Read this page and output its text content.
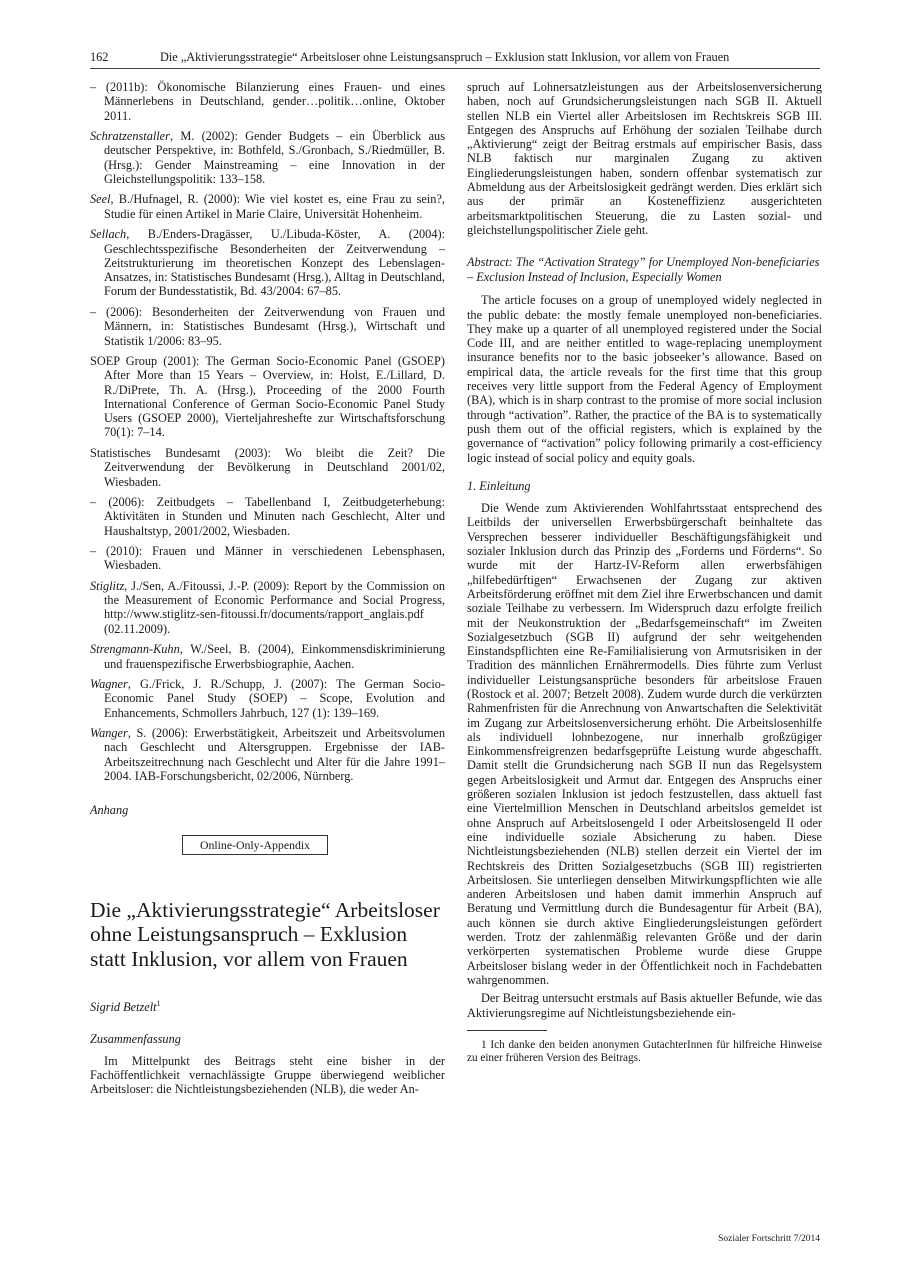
162	Die „Aktivierungsstrategie“ Arbeitsloser ohne Leistungsanspruch – Exklusion statt Inklusion, vor allem von Frauen
– (2011b): Ökonomische Bilanzierung eines Frauen- und eines Männerlebens in Deutschland, gender…politik…online, Oktober 2011.
Schratzenstaller, M. (2002): Gender Budgets – ein Überblick aus deutscher Perspektive, in: Bothfeld, S./Gronbach, S./Riedmüller, B. (Hrsg.): Gender Mainstreaming – eine Innovation in der Gleichstellungspolitik: 133–158.
Seel, B./Hufnagel, R. (2000): Wie viel kostet es, eine Frau zu sein?, Studie für einen Artikel in Marie Claire, Universität Hohenheim.
Sellach, B./Enders-Dragässer, U./Libuda-Köster, A. (2004): Geschlechtsspezifische Besonderheiten der Zeitverwendung – Zeitstrukturierung im theoretischen Konzept des Lebenslagen-Ansatzes, in: Statistisches Bundesamt (Hrsg.), Alltag in Deutschland, Forum der Bundesstatistik, Bd. 43/2004: 67–85.
– (2006): Besonderheiten der Zeitverwendung von Frauen und Männern, in: Statistisches Bundesamt (Hrsg.), Wirtschaft und Statistik 1/2006: 83–95.
SOEP Group (2001): The German Socio-Economic Panel (GSOEP) After More than 15 Years – Overview, in: Holst, E./Lillard, D. R./DiPrete, Th. A. (Hrsg.), Proceeding of the 2000 Fourth International Conference of German Socio-Economic Panel Study Users (GSOEP 2000), Vierteljahreshefte zur Wirtschaftsforschung 70(1): 7–14.
Statistisches Bundesamt (2003): Wo bleibt die Zeit? Die Zeitverwendung der Bevölkerung in Deutschland 2001/02, Wiesbaden.
– (2006): Zeitbudgets – Tabellenband I, Zeitbudgeterhebung: Aktivitäten in Stunden und Minuten nach Geschlecht, Alter und Haushaltstyp, 2001/2002, Wiesbaden.
– (2010): Frauen und Männer in verschiedenen Lebensphasen, Wiesbaden.
Stiglitz, J./Sen, A./Fitoussi, J.-P. (2009): Report by the Commission on the Measurement of Economic Performance and Social Progress, http://www.stiglitz-sen-fitoussi.fr/documents/rapport_anglais.pdf (02.11.2009).
Strengmann-Kuhn, W./Seel, B. (2004), Einkommensdiskriminierung und frauenspezifische Erwerbsbiographie, Aachen.
Wagner, G./Frick, J. R./Schupp, J. (2007): The German Socio-Economic Panel Study (SOEP) – Scope, Evolution and Enhancements, Schmollers Jahrbuch, 127 (1): 139–169.
Wanger, S. (2006): Erwerbstätigkeit, Arbeitszeit und Arbeitsvolumen nach Geschlecht und Altersgruppen. Ergebnisse der IAB-Arbeitszeitrechnung nach Geschlecht und Alter für die Jahre 1991–2004. IAB-Forschungsbericht, 02/2006, Nürnberg.
Anhang
Online-Only-Appendix
Die „Aktivierungsstrategie“ Arbeitsloser ohne Leistungsanspruch – Exklusion statt Inklusion, vor allem von Frauen
Sigrid Betzelt$^1$
Zusammenfassung

Im Mittelpunkt des Beitrags steht eine bisher in der Fachöffentlichkeit vernachlässigte Gruppe überwiegend weiblicher Arbeitsloser: die Nichtleistungsbeziehenden (NLB), die weder An-

spruch auf Lohnersatzleistungen aus der Arbeitslosenversicherung haben, noch auf Grundsicherungsleistungen nach SGB II. Aktuell stellen NLB ein Viertel aller Arbeitslosen im Rechtskreis SGB III. Entgegen des Anspruchs auf Erhöhung der sozialen Teilhabe durch „Aktivierung“ zeigt der Beitrag erstmals auf empirischer Basis, dass NLB faktisch nur marginalen Zugang zu aktiven Eingliederungsleistungen haben, sondern offenbar systematisch zur Abmeldung aus der Arbeitslosigkeit gedrängt werden. Dies erklärt sich aus der primär an Kosteneffizienz ausgerichteten arbeitsmarktpolitischen Steuerung, die zu Lasten sozial- und gleichstellungspolitischer Ziele geht.

Abstract: The “Activation Strategy” for Unemployed Non-beneficiaries – Exclusion Instead of Inclusion, Especially Women

The article focuses on a group of unemployed widely neglected in the public debate: the mostly female unemployed non-beneficiaries. They make up a quarter of all unemployed registered under the Social Code III, and are neither entitled to wage-replacing unemployment insurance benefits nor to the basic jobseeker’s allowance. Based on empirical data, the article reveals for the first time that this group receives very little support from the Federal Agency of Employment (BA), which is in sharp contrast to the promise of more social inclusion through “activation”. Rather, the practice of the BA is to systematically push them out of the official registers, which is explained by the governance of “activation” policy following primarily a cost-efficiency logic instead of social policy and equity goals.

1. Einleitung

Die Wende zum Aktivierenden Wohlfahrtsstaat entsprechend des Leitbilds der universellen Erwerbsbürgerschaft beinhaltete das Versprechen besserer individueller Beschäftigungsfähigkeit und sozialer Inklusion durch das Prinzip des „Forderns und Förderns“. So wurde mit der Hartz-IV-Reform allen erwerbsfähigen „hilfebedürftigen“ Erwachsenen der Zugang zur aktiven Arbeitsförderung eröffnet mit dem Ziel ihre Erwerbschancen und damit soziale Teilhabe zu verbessern. Im Widerspruch dazu erfolgte freilich mit der Neukonstruktion der „Bedarfsgemeinschaft“ im Zweiten Sozialgesetzbuch (SGB II) aufgrund der sehr weitgehenden Einstandspflichten eine Re-Familialisierung von Armutsrisiken in der Tradition des männlichen Ernährermodells. Dies führte zum Verlust individueller Leistungsansprüche besonders für arbeitslose Frauen (Rostock et al. 2007; Betzelt 2008). Zudem wurde durch die verkürzten Rahmenfristen für die Anrechnung von Anwartschaften die Selektivität im Zugang zur Arbeitslosenversicherung erhöht. Die Arbeitslosenhilfe als individuell lohnbezogene, nur innerhalb großzügiger Einkommensfreigrenzen bedarfsgeprüfte Leistung wurde abgeschafft. Damit stellt die Grundsicherung nach SGB II nun das Regelsystem gegen Arbeitslosigkeit und Armut dar. Entgegen des Anspruchs einer größeren sozialen Inklusion ist jedoch festzustellen, dass aktuell fast eine Viertelmillion Menschen in Deutschland arbeitslos gemeldet ist ohne Anspruch auf Arbeitslosengeld I oder Arbeitslosengeld II oder eine individuelle soziale Absicherung zu haben. Diese Nichtleistungsbeziehenden (NLB) stellen derzeit ein Viertel der im Rechtskreis des Dritten Sozialgesetzbuchs (SGB III) registrierten Arbeitslosen. Sie unterliegen denselben Mitwirkungspflichten wie alle anderen Arbeitslosen und haben damit immerhin Anspruch auf Beratung und Vermittlung durch die Bundesagentur für Arbeit (BA), auch können sie durch aktive Eingliederungsleistungen gefördert werden. Trotz der zahlenmäßig relevanten Größe und der darin verkörperten systematischen Probleme wurde diese Gruppe Arbeitsloser bislang weder in der Öffentlichkeit noch in Fachdebatten wahrgenommen.

Der Beitrag untersucht erstmals auf Basis aktueller Befunde, wie das Aktivierungsregime auf Nichtleistungsbeziehende ein-

1 Ich danke den beiden anonymen GutachterInnen für hilfreiche Hinweise zu einer früheren Version des Beitrags.
Sozialer Fortschritt 7/2014
